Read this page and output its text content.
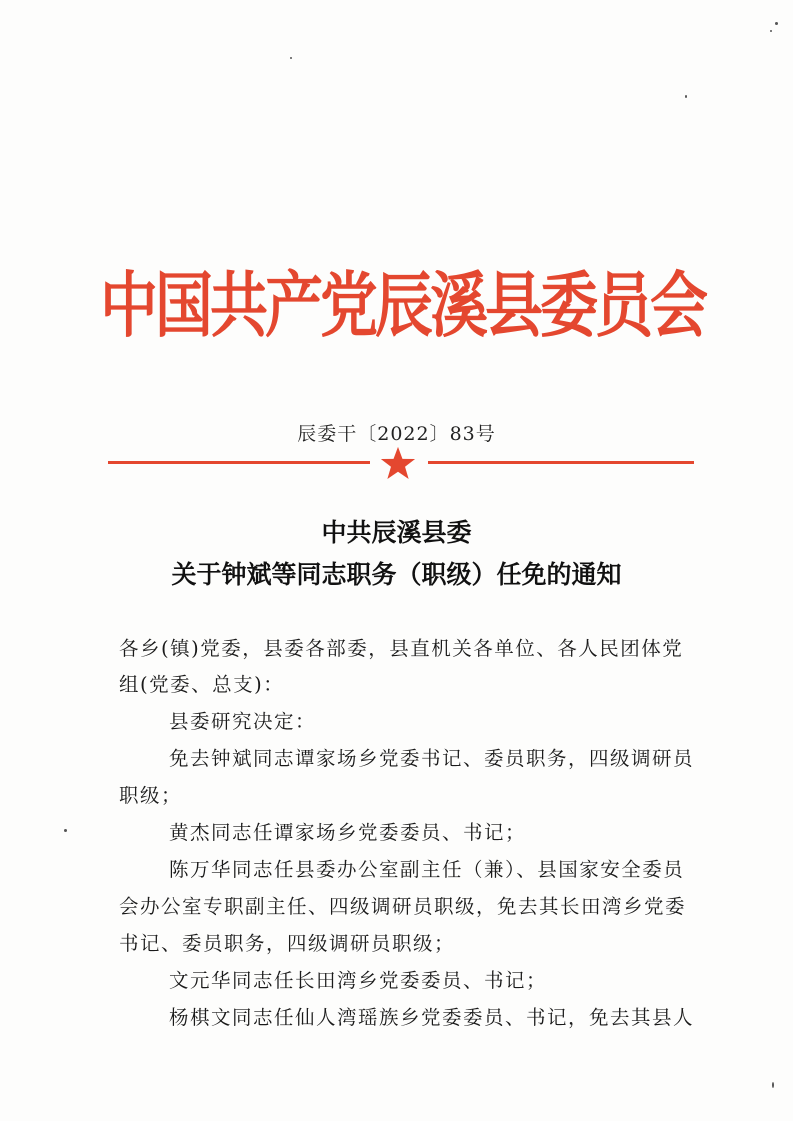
中国共产党辰溪县委员会
辰委干〔2022〕83号
中共辰溪县委
关于钟斌等同志职务（职级）任免的通知
各乡(镇)党委，县委各部委，县直机关各单位、各人民团体党
组(党委、总支)：
县委研究决定：
免去钟斌同志谭家场乡党委书记、委员职务，四级调研员
职级；
黄杰同志任谭家场乡党委委员、书记；
陈万华同志任县委办公室副主任（兼）、县国家安全委员
会办公室专职副主任、四级调研员职级，免去其长田湾乡党委
书记、委员职务，四级调研员职级；
文元华同志任长田湾乡党委委员、书记；
杨棋文同志任仙人湾瑶族乡党委委员、书记，免去其县人
